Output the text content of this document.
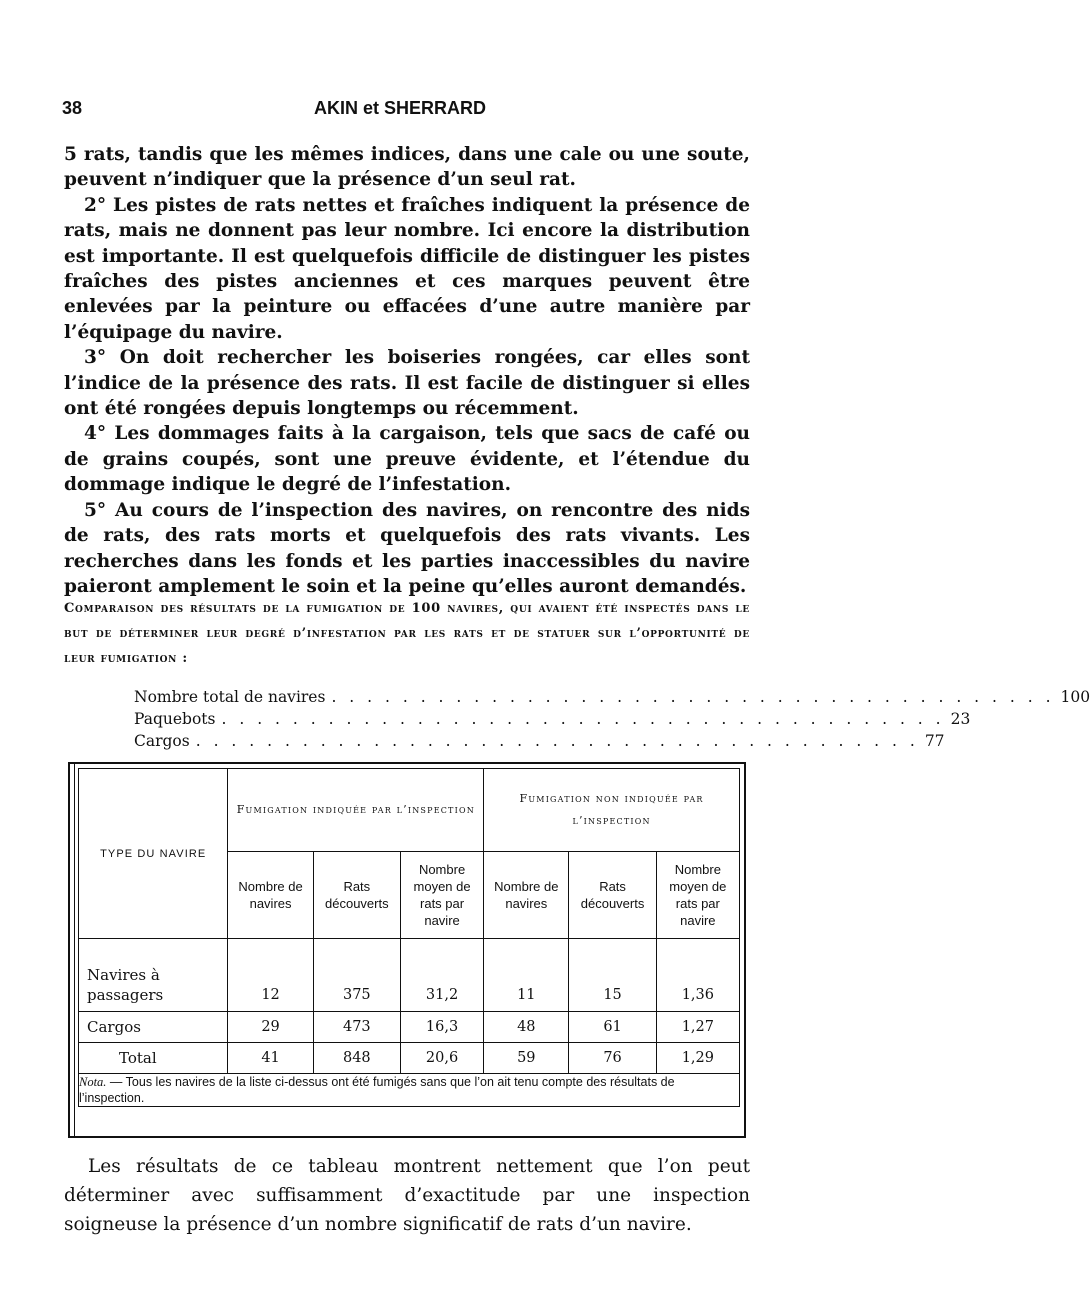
38	AKIN et SHERRARD

5 rats, tandis que les mêmes indices, dans une cale ou une soute, peuvent n’indiquer que la présence d’un seul rat.

2° Les pistes de rats nettes et fraîches indiquent la présence de rats, mais ne donnent pas leur nombre. Ici encore la distribution est importante. Il est quelquefois difficile de distinguer les pistes fraîches des pistes anciennes et ces marques peuvent être enlevées par la peinture ou effacées d’une autre manière par l’équipage du navire.

3° On doit rechercher les boiseries rongées, car elles sont l’indice de la présence des rats. Il est facile de distinguer si elles ont été rongées depuis longtemps ou récemment.

4° Les dommages faits à la cargaison, tels que sacs de café ou de grains coupés, sont une preuve évidente, et l’étendue du dommage indique le degré de l’infestation.

5° Au cours de l’inspection des navires, on rencontre des nids de rats, des rats morts et quelquefois des rats vivants. Les recherches dans les fonds et les parties inaccessibles du navire paieront amplement le soin et la peine qu’elles auront demandés.

Comparaison des résultats de la fumigation de 100 navires, qui avaient été inspectés dans le but de déterminer leur degré d’infestation par les rats et de statuer sur l’opportunité de leur fumigation :
Nombre total de navires . . . . . . . . . . . . . . . . . . . . . . . . . . . . . . . . . . . . . . . . . 100
Paquebots . . . . . . . . . . . . . . . . . . . . . . . . . . . . . . . . . . . . . . . . . 23
Cargos . . . . . . . . . . . . . . . . . . . . . . . . . . . . . . . . . . . . . . . . . 77
TYPE DU NAVIRE	Fumigation indiquée par l’inspection			Fumigation non indiquée par l’inspection		
	Nombre de navires	Rats découverts	Nombre moyen de rats par navire	Nombre de navires	Rats découverts	Nombre moyen de rats par navire
Navires à passagers	12	375	31,2	11	15	1,36
Cargos	29	473	16,3	48	61	1,27
Total	41	848	20,6	59	76	1,29
Nota. — Tous les navires de la liste ci-dessus ont été fumigés sans que l’on ait tenu compte des résultats de l’inspection.						
Les résultats de ce tableau montrent nettement que l’on peut déterminer avec suffisamment d’exactitude par une inspection soigneuse la présence d’un nombre significatif de rats d’un navire.
